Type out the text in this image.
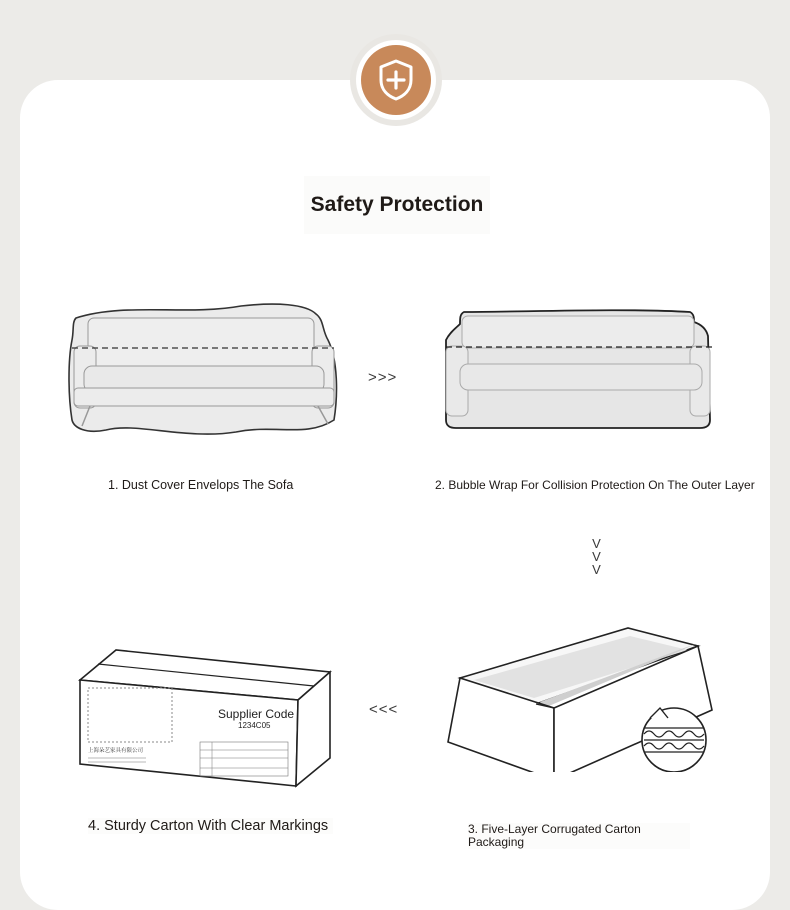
Safety Protection
>>>
1. Dust Cover Envelops The Sofa	2. Bubble Wrap For Collision Protection On The Outer Layer
V
V
V
Supplier Code
1234C05
上海朵艺家具有限公司
<<<
4. Sturdy Carton With Clear Markings	3. Five-Layer Corrugated Carton Packaging
